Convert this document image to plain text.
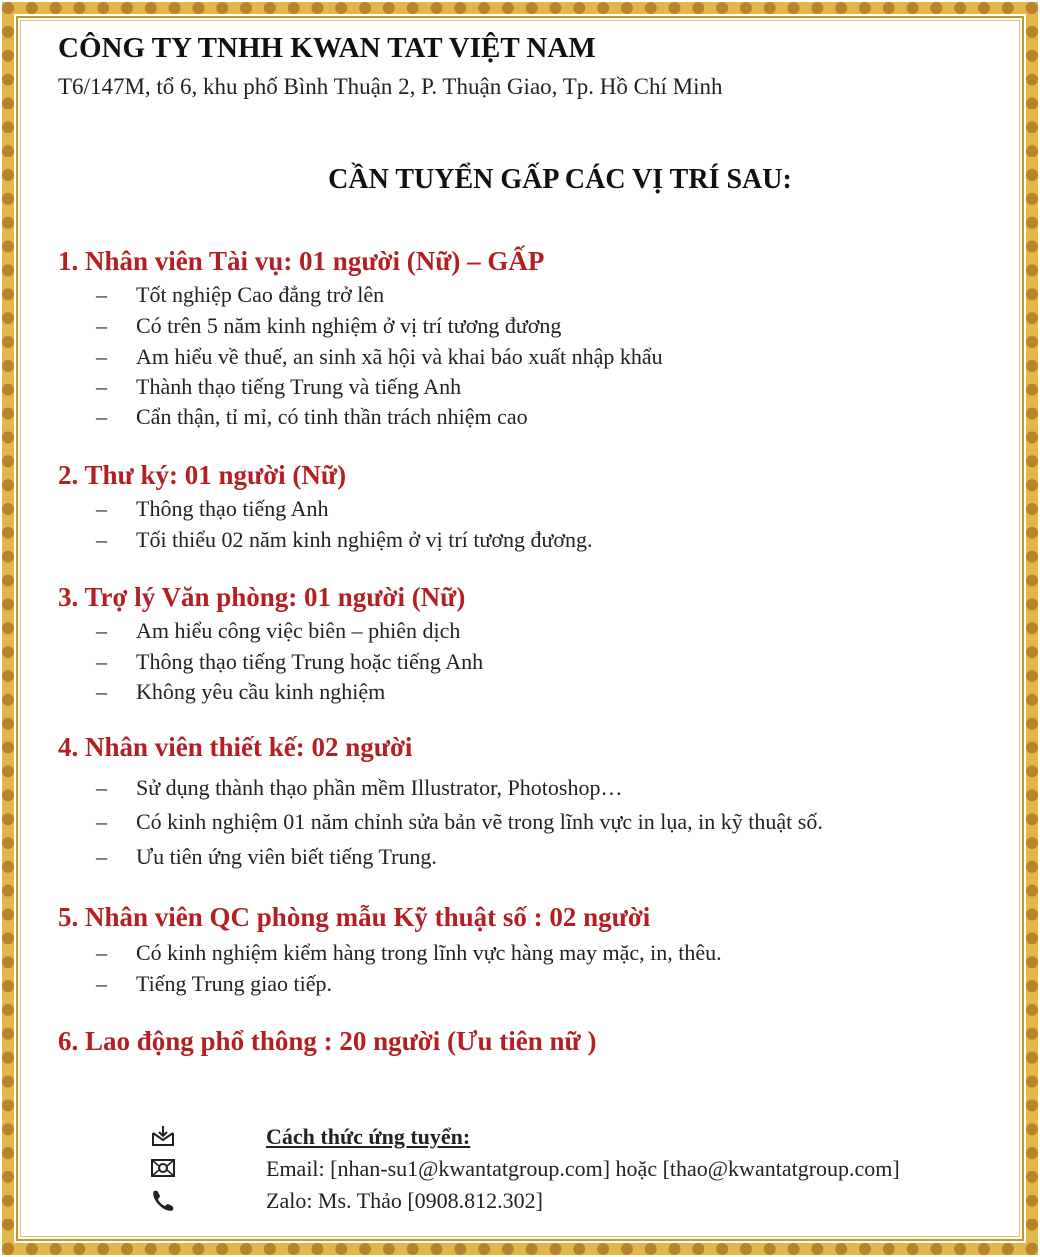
CÔNG TY TNHH KWAN TAT VIỆT NAM
T6/147M, tổ 6, khu phố Bình Thuận 2, P. Thuận Giao, Tp. Hồ Chí Minh
CẦN TUYỂN GẤP CÁC VỊ TRÍ SAU:
1. Nhân viên Tài vụ: 01 người (Nữ) – GẤP
– Tốt nghiệp Cao đẳng trở lên
– Có trên 5 năm kinh nghiệm ở vị trí tương đương
– Am hiểu về thuế, an sinh xã hội và khai báo xuất nhập khẩu
– Thành thạo tiếng Trung và tiếng Anh
– Cẩn thận, tỉ mỉ, có tinh thần trách nhiệm cao
2. Thư ký: 01 người (Nữ)
– Thông thạo tiếng Anh
– Tối thiểu 02 năm kinh nghiệm ở vị trí tương đương.
3. Trợ lý Văn phòng: 01 người (Nữ)
– Am hiểu công việc biên – phiên dịch
– Thông thạo tiếng Trung hoặc tiếng Anh
– Không yêu cầu kinh nghiệm
4. Nhân viên thiết kế: 02 người
– Sử dụng thành thạo phần mềm Illustrator, Photoshop…
– Có kinh nghiệm 01 năm chỉnh sửa bản vẽ trong lĩnh vực in lụa, in kỹ thuật số.
– Ưu tiên ứng viên biết tiếng Trung.
5. Nhân viên QC phòng mẫu Kỹ thuật số : 02 người
– Có kinh nghiệm kiểm hàng trong lĩnh vực hàng may mặc, in, thêu.
– Tiếng Trung giao tiếp.
6. Lao động phổ thông : 20 người (Ưu tiên nữ )
Cách thức ứng tuyển:
Email: [nhan-su1@kwantatgroup.com] hoặc [thao@kwantatgroup.com]
Zalo: Ms. Thảo [0908.812.302]
